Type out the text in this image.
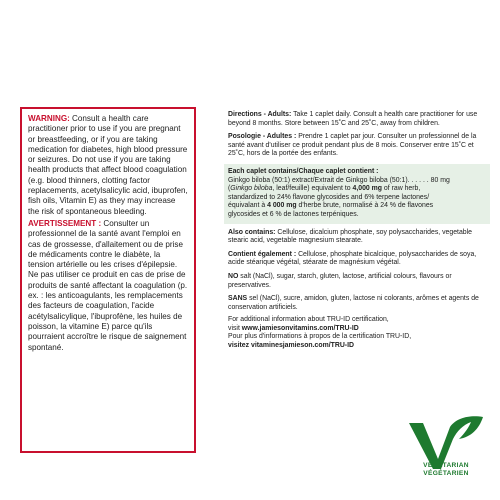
WARNING: Consult a health care practitioner prior to use if you are pregnant or breastfeeding, or if you are taking medication for diabetes, high blood pressure or seizures. Do not use if you are taking health products that affect blood coagulation (e.g. blood thinners, clotting factor replacements, acetylsalicylic acid, ibuprofen, fish oils, Vitamin E) as they may increase the risk of spontaneous bleeding.

AVERTISSEMENT : Consulter un professionnel de la santé avant l'emploi en cas de grossesse, d'allaitement ou de prise de médicaments contre le diabète, la tension artérielle ou les crises d'épilepsie. Ne pas utiliser ce produit en cas de prise de produits de santé affectant la coagulation (p. ex. : les anticoagulants, les remplacements des facteurs de coagulation, l'acide acétylsalicylique, l'ibuprofène, les huiles de poisson, la vitamine E) parce qu'ils pourraient accroître le risque de saignement spontané.

Directions - Adults: Take 1 caplet daily. Consult a health care practitioner for use beyond 8 months. Store between 15˚C and 25˚C, away from children.

Posologie - Adultes : Prendre 1 caplet par jour. Consulter un professionnel de la santé avant d'utiliser ce produit pendant plus de 8 mois. Conserver entre 15˚C et 25˚C, hors de la portée des enfants.

Each caplet contains/Chaque caplet contient :

Ginkgo biloba (50:1) extract/Extrait de Ginkgo biloba (50:1). . . . . . 80 mg

(Ginkgo biloba, leaf/feuille) equivalent to 4,000 mg of raw herb,

standardized to 24% flavone glycosides and 6% terpene lactones/

équivalant à 4 000 mg d'herbe brute, normalisé à 24 % de flavones

glycosides et 6 % de lactones terpéniques.

Also contains: Cellulose, dicalcium phosphate, soy polysaccharides, vegetable stearic acid, vegetable magnesium stearate.

Contient également : Cellulose, phosphate bicalcique, polysaccharides de soya, acide stéarique végétal, stéarate de magnésium végétal.

NO salt (NaCl), sugar, starch, gluten, lactose, artificial colours, flavours or preservatives.

SANS sel (NaCl), sucre, amidon, gluten, lactose ni colorants, arômes et agents de conservation artificiels.

For additional information about TRU-ID certification,

visit www.jamiesonvitamins.com/TRU-ID

Pour plus d'informations à propos de la certification TRU-ID,

visitez vitaminesjamieson.com/TRU-ID

VEGETARIAN
VÉGÉTARIEN
